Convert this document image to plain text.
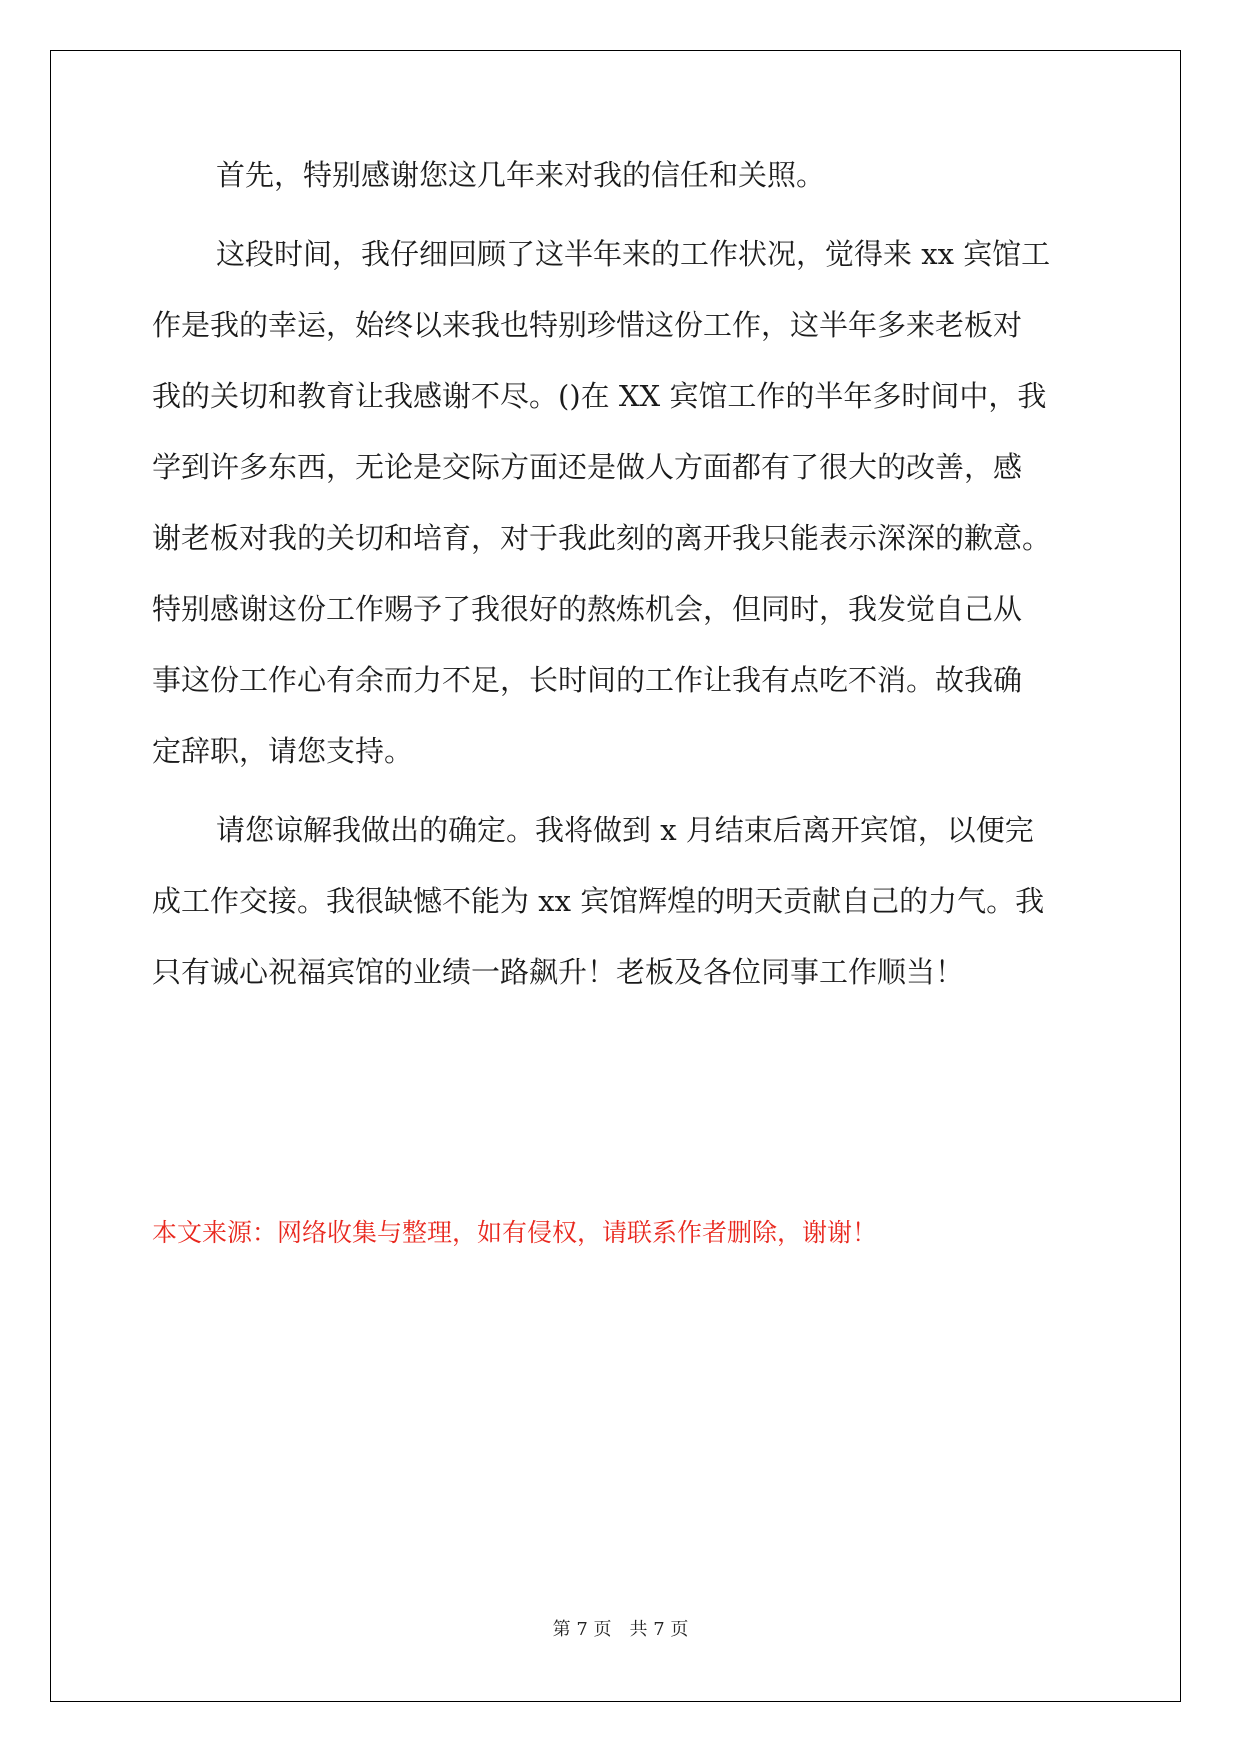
首先，特别感谢您这几年来对我的信任和关照。
这段时间，我仔细回顾了这半年来的工作状况，觉得来 xx 宾馆工
作是我的幸运，始终以来我也特别珍惜这份工作，这半年多来老板对
我的关切和教育让我感谢不尽。()在 XX 宾馆工作的半年多时间中，我
学到许多东西，无论是交际方面还是做人方面都有了很大的改善，感
谢老板对我的关切和培育，对于我此刻的离开我只能表示深深的歉意。
特别感谢这份工作赐予了我很好的熬炼机会，但同时，我发觉自己从
事这份工作心有余而力不足，长时间的工作让我有点吃不消。故我确
定辞职，请您支持。
请您谅解我做出的确定。我将做到 x 月结束后离开宾馆，以便完
成工作交接。我很缺憾不能为 xx 宾馆辉煌的明天贡献自己的力气。我
只有诚心祝福宾馆的业绩一路飙升！老板及各位同事工作顺当！
本文来源：网络收集与整理，如有侵权，请联系作者删除，谢谢！
第 7 页　共 7 页
